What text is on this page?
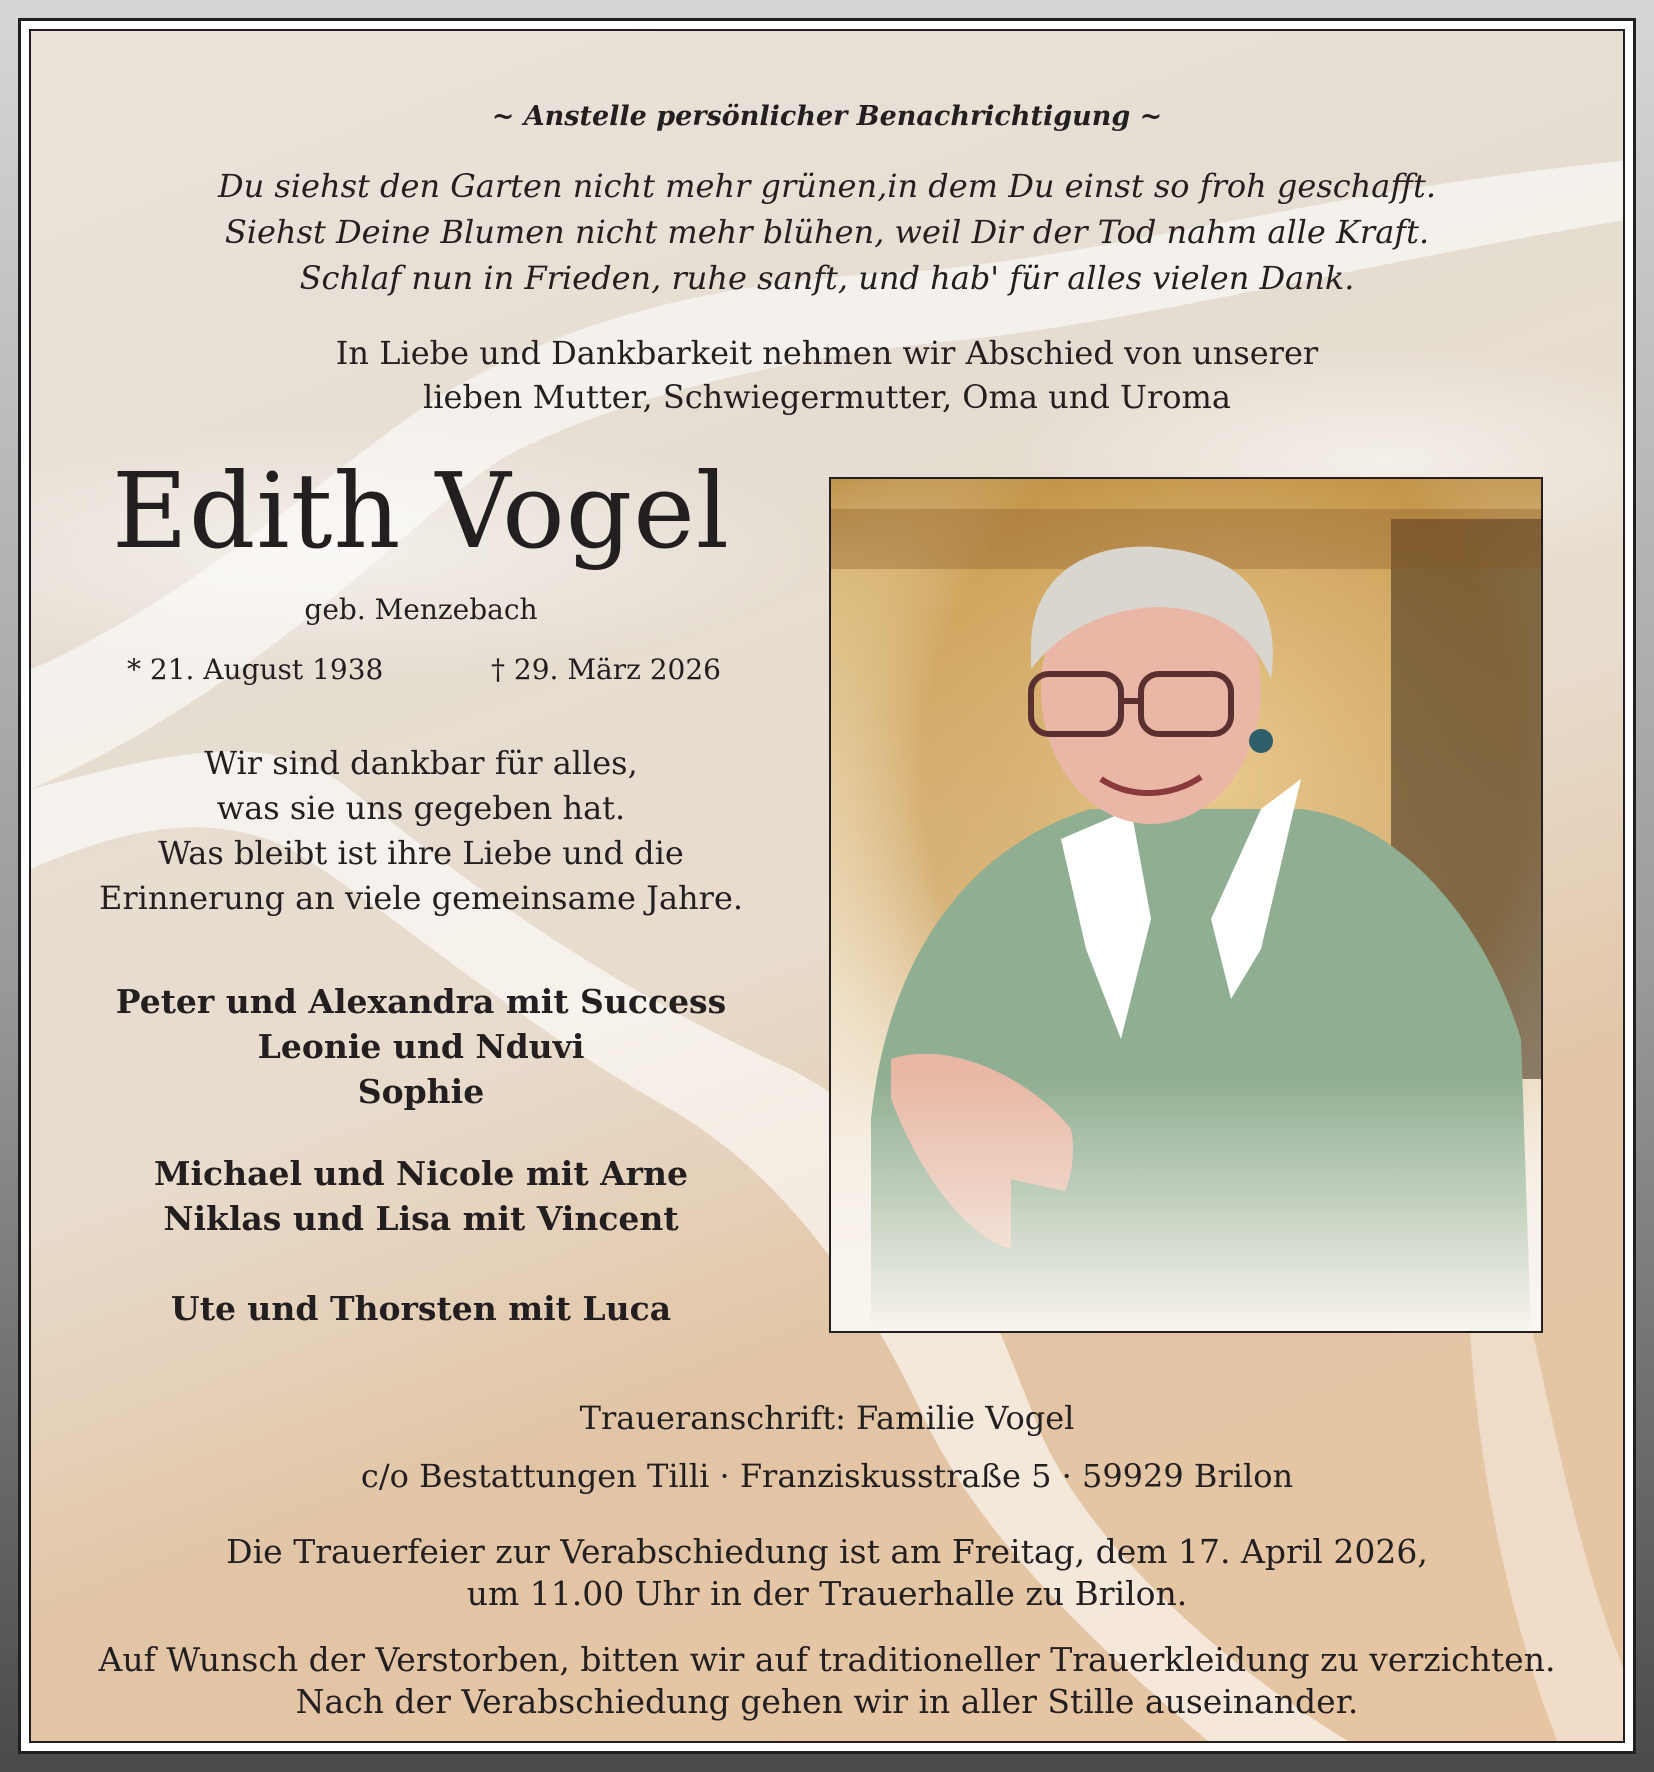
~ Anstelle persönlicher Benachrichtigung ~
Du siehst den Garten nicht mehr grünen,in dem Du einst so froh geschafft.
Siehst Deine Blumen nicht mehr blühen, weil Dir der Tod nahm alle Kraft.
Schlaf nun in Frieden, ruhe sanft, und hab' für alles vielen Dank.
In Liebe und Dankbarkeit nehmen wir Abschied von unserer
lieben Mutter, Schwiegermutter, Oma und Uroma
Edith Vogel
geb. Menzebach
* 21. August 1938	† 29. März 2026
Wir sind dankbar für alles,
was sie uns gegeben hat.
Was bleibt ist ihre Liebe und die
Erinnerung an viele gemeinsame Jahre.
Peter und Alexandra mit Success
Leonie und Nduvi
Sophie
Michael und Nicole mit Arne
Niklas und Lisa mit Vincent
Ute und Thorsten mit Luca
Traueranschrift: Familie Vogel
c/o Bestattungen Tilli · Franziskusstraße 5 · 59929 Brilon
Die Trauerfeier zur Verabschiedung ist am Freitag, dem 17. April 2026,
um 11.00 Uhr in der Trauerhalle zu Brilon.
Auf Wunsch der Verstorben, bitten wir auf traditioneller Trauerkleidung zu verzichten.
Nach der Verabschiedung gehen wir in aller Stille auseinander.
